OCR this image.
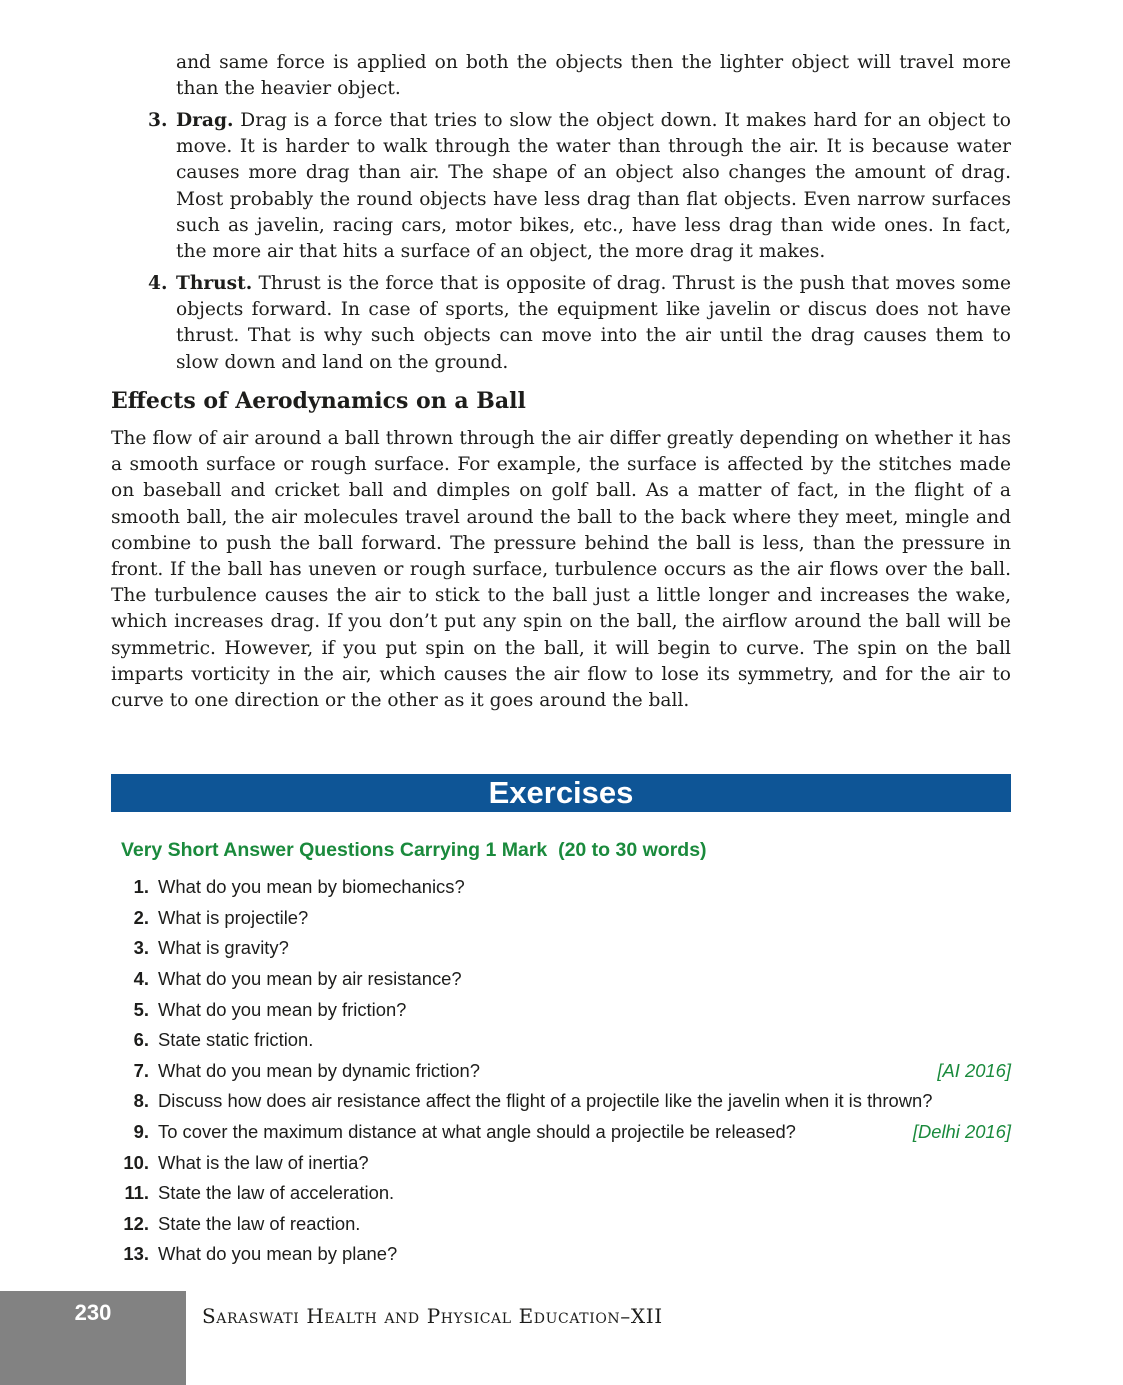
and same force is applied on both the objects then the lighter object will travel more than the heavier object.

3. Drag. Drag is a force that tries to slow the object down. It makes hard for an object to move. It is harder to walk through the water than through the air. It is because water causes more drag than air. The shape of an object also changes the amount of drag. Most probably the round objects have less drag than flat objects. Even narrow surfaces such as javelin, racing cars, motor bikes, etc., have less drag than wide ones. In fact, the more air that hits a surface of an object, the more drag it makes.

4. Thrust. Thrust is the force that is opposite of drag. Thrust is the push that moves some objects forward. In case of sports, the equipment like javelin or discus does not have thrust. That is why such objects can move into the air until the drag causes them to slow down and land on the ground.

Effects of Aerodynamics on a Ball

The flow of air around a ball thrown through the air differ greatly depending on whether it has a smooth surface or rough surface. For example, the surface is affected by the stitches made on baseball and cricket ball and dimples on golf ball. As a matter of fact, in the flight of a smooth ball, the air molecules travel around the ball to the back where they meet, mingle and combine to push the ball forward. The pressure behind the ball is less, than the pressure in front. If the ball has uneven or rough surface, turbulence occurs as the air flows over the ball. The turbulence causes the air to stick to the ball just a little longer and increases the wake, which increases drag. If you don’t put any spin on the ball, the airflow around the ball will be symmetric. However, if you put spin on the ball, it will begin to curve. The spin on the ball imparts vorticity in the air, which causes the air flow to lose its symmetry, and for the air to curve to one direction or the other as it goes around the ball.

Exercises
Very Short Answer Questions Carrying 1 Mark  (20 to 30 words)
1. What do you mean by biomechanics?
2. What is projectile?
3. What is gravity?
4. What do you mean by air resistance?
5. What do you mean by friction?
6. State static friction.
7. What do you mean by dynamic friction?	[AI 2016]
8. Discuss how does air resistance affect the flight of a projectile like the javelin when it is thrown?
9. To cover the maximum distance at what angle should a projectile be released?	[Delhi 2016]
10. What is the law of inertia?
11. State the law of acceleration.
12. State the law of reaction.
13. What do you mean by plane?
230	Saraswati Health and Physical Education–XII
